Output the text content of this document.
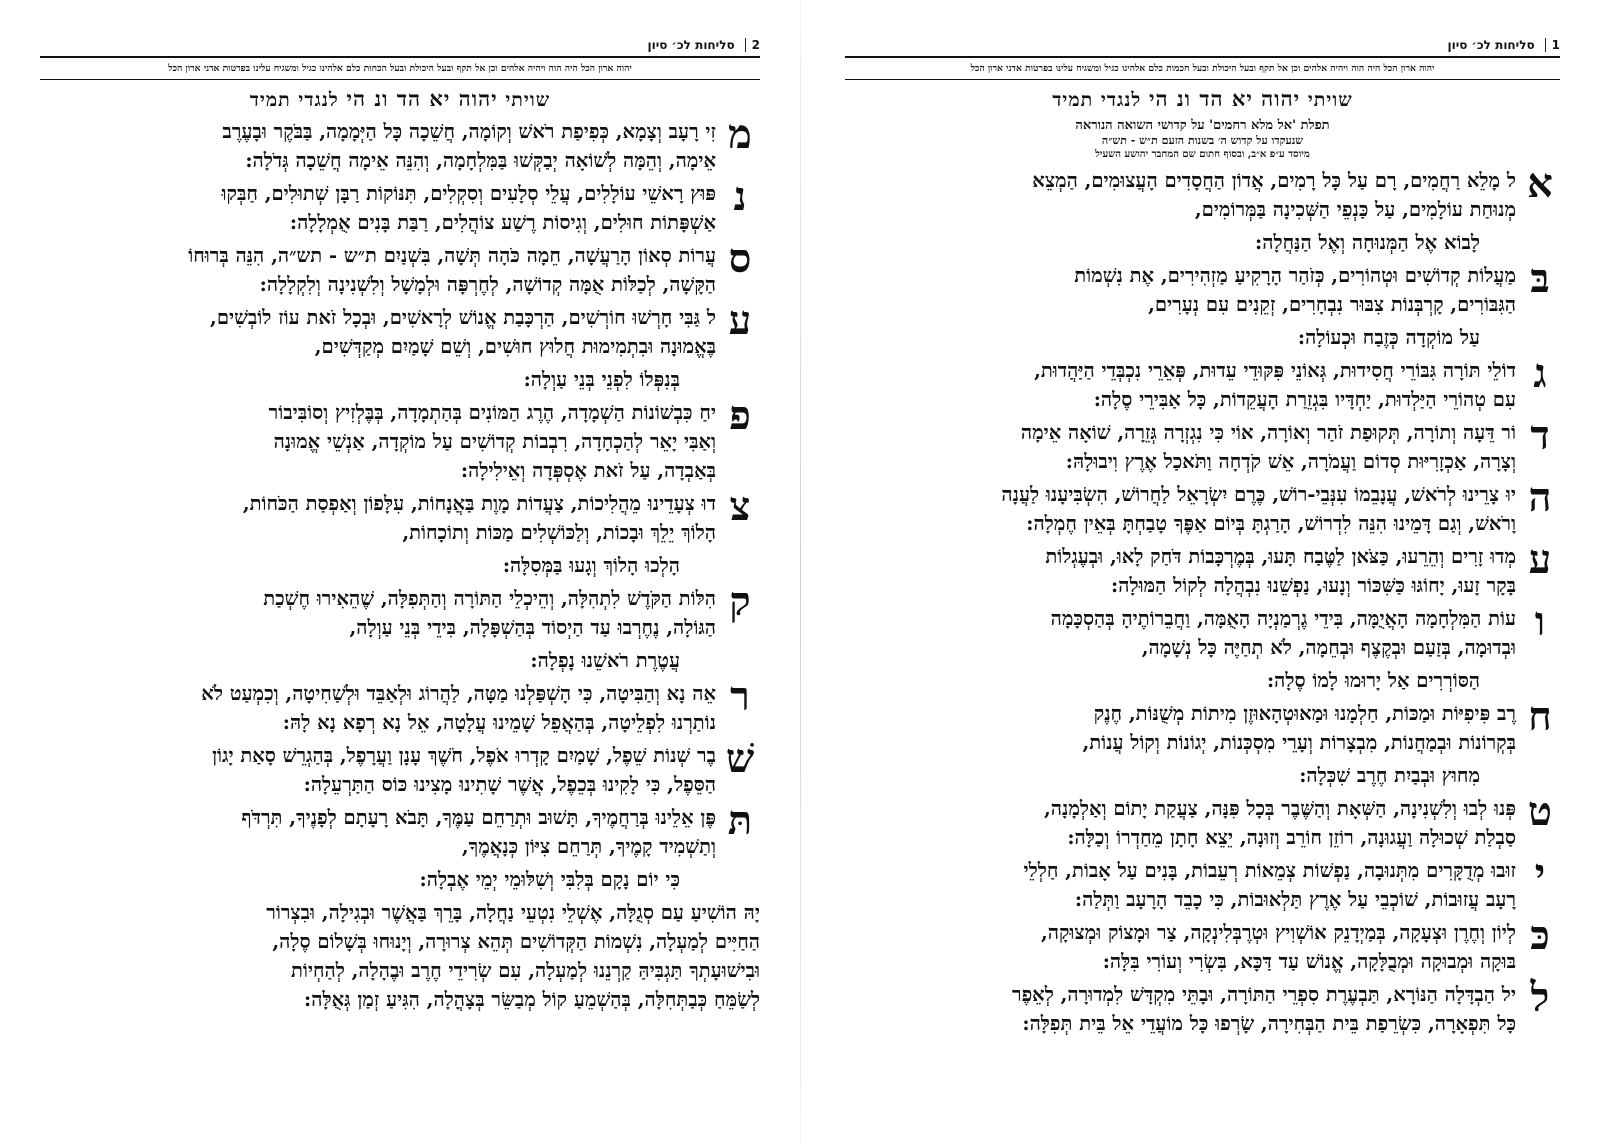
2
סליחות לכ׳ סיון
יהוה ארון הכל היה הוה ויהיה אלהים וכן אל תקף ובעל היכולת ובעל הכחות כלם אלהינו כגיל ומשגיח עלינו בפרטות אדני ארון הכל
שויתי יהוה יא הד ונ הי לנגדי תמיד
מ
זִי רָעָב וְצָמָא, כְּפִיפַת רֹאשׁ וְקוֹמָה, חֲשֵׁכָה כָּל הַיְּמָמָה, בַּבֹּקֶר וּבָעֶרֶב
אֵימָה, וְהֵמָּה לְשׁוֹאָה יְבַקְּשׁוּ בַּמִּלְחָמָה, וְהִנֵּה אֵימָה חֲשֵׁכָה גְּדֹלָה:
נ
פּוּץ רָאשֵׁי עוֹלָלִים, עֲלֵי סְלָעִים וְסִקְלִים, תִּנּוֹקוֹת רַבָּן שְׁתוּלִים, חַבְּקוּ
אַשְׁפָּתוֹת חוּלִים, וְגִיסוֹת רֶשַׁע צוֹהֲלִים, רַבַּת בָּנִים אֻמְלָלָה:
ס
עֲרוֹת סְאוֹן הָרַעֲשָׁה, חֵמָה כֹּהָה תְּשָׁה, בִּשְׁנַיִם ת״ש - תש״ה, הִנֵּה בְּרוּחוֹ
הַקָּשָׁה, לְכַלּוֹת אֻמָּה קְדוֹשָׁה, לְחֶרְפָּה וּלְמָשָׁל וְלִשְׁנִינָה וְלִקְלָלָה:
ע
ל גַּבִּי חָרְשׁוּ חוֹרְשִׁים, הַרְכָּבַת אֱנוֹשׁ לְרָאשִׁים, וּבְכָל זֹאת עוֹז לוֹבְשִׁים,
בֶּאֱמוּנָה וּבִתְמִימוּת חֲלוּץ חוּשִׁים, וְשֵׁם שָׁמַיִם מְקַדְּשִׁים,
בְּנִפְּלוֹ לִפְנֵי בְּנֵי עַוְלָה:
פ
יחַ כִּבְשׁוֹנוֹת הַשְׁמָדָה, הֶרֶג הַמּוֹנִים בְּהַתְמָדָה, בְּבֶּלְזִיץ וְסוֹבִּיבוֹר
וְאַבִּי יָאֵר לְהַכְחָדָה, רִבְבוֹת קְדוֹשִׁים עַל מוֹקְדָה, אַנְשֵׁי אֱמוּנָה
בְּאַבְדָה, עַל זֹאת אֶסְפְּדָה וְאֵילִילָה:
צ
דוּ צְעָדֵינוּ מֵהֲלִיכוֹת, צַעֲדוֹת מָוֶת בַּאֲנָחוֹת, עִלָּפוֹן וְאַפְסַת הַכֹּחוֹת,
הָלוֹךְ יֵלֵךְ וּבָכוֹת, וְלַכּוֹשְׁלִים מַכּוֹת וְתוֹכָחוֹת,
הָלְכוּ הָלוֹךְ וְגָעוּ בַּמְּסִלָּה:
ק
הִלּוֹת הַקֹּדֶשׁ לִתְהִלָּה, וְהֵיכְלֵי הַתּוֹרָה וְהַתְּפִלָּה, שֶׁהֵאִירוּ חֶשְׁכַת
הַגּוֹלָה, נֶחֶרְבוּ עַד הַיְסוֹד בְּהַשְׁפָּלָה, בִּידֵי בְּנֵי עַוְלָה,
עֲטֶרֶת רֹאשֵׁנוּ נָפְלָה:
ר
אֵה נָא וְהַבִּיטָה, כִּי הָשְׁפַּלְנוּ מַטָּה, לַהֲרוֹג וּלְאַבֵּד וּלְשַׁחִיטָה, וְכִמְעַט לֹא
נוֹתַרְנוּ לִפְלֵיטָה, בְּהַאֲפֵל שָׁמֵינוּ עֲלָטָה, אֵל נָא רְפָא נָא לָהּ:
שׁ
בֶר שְׁנוֹת שֵׁפֶל, שָׁמַיִם קָדְרוּ אֹפֶל, חֹשֶׁךְ עָנָן וַעֲרָפֶל, בְּהַגְרֵשׁ סָאַת יָגוֹן
הַסֵּפֶל, כִּי לָקִינוּ בְּכֵפֶל, אֲשֶׁר שָׁתִינוּ מָצִינוּ כּוֹס הַתַּרְעֵלָה:
תּ
פֶּן אֵלֵינוּ בְּרַחֲמֶיךָ, תָּשׁוּב וּתְרַחֵם עַמֶּךָ, תָּבֹא רָעָתָם לְפָנֶיךָ, תִּרְדֹּף
וְתַשְׁמִיד קָמֶיךָ, תְּרַחֵם צִיּוֹן כְּנָאֲמֶךָ,
כִּי יוֹם נָקָם בְּלִבִּי וְשִׁלּוּמֵי יְמֵי אֶבְלָה:
יָהּ הוֹשִׁיעַ עַם סְגֻלָּה, אֶשְׁלֵי נִטְעֵי נַחֲלָה, בָּרֵךְ בַּאֲשֶׁר וּבְגִילָה, וּבִצְרוֹר
הַחַיִּים לְמַעְלָה, נִשְׁמוֹת הַקְּדוֹשִׁים תְּהֵא צְרוּרָה, וְיָנוּחוּ בְּשָׁלוֹם סֶלָה,
וּבִישׁוּעָתְךָ תַּגְבִּיהַּ קַרְנֵנוּ לְמַעְלָה, עִם שְׂרִידֵי חֶרֶב וּבֶהָלָה, לְהַחְיוֹת
לְשַׂמֵּחַ כְּבַתְּחִלָּה, בְּהַשְׁמֵעַ קוֹל מְבַשֵּׂר בְּצָהֳלָה, הִגִּיעַ זְמַן גְּאֻלָּה:
1
סליחות לכ׳ סיון
יהוה ארון הכל היה הוה ויהיה אלהים וכן אל תקף ובעל היכולת ובעל חכמות כלם אלהינו כגיל ומשגיח עלינו בפרטות אדני ארון הכל
שויתי יהוה יא הד ונ הי לנגדי תמיד
תפלת 'אל מלא רחמים' על קדושי השואה הנוראה
שנעקדו על קדוש ה׳ בשנות הזעם ת״ש - תש״ה
מיוסד ע״פ א״ב, ובסוף חתום שם המחבר יהושע השעיל
א
ל מָלֵא רַחֲמִים, רָם עַל כָּל רָמִים, אֲדוֹן הַחֲסָדִים הָעֲצוּמִים, הַמְצֵא
מְנוּחַת עוֹלָמִים, עַל כַּנְפֵי הַשְּׁכִינָה בַּמְּרוֹמִים,
לָבוֹא אֶל הַמְּנוּחָה וְאֶל הַנַּחֲלָה:
בּ
מַעֲלוֹת קְדוֹשִׁים וּטְהוֹרִים, כְּזֹהַר הָרָקִיעַ מַזְהִירִים, אֶת נִשְׁמוֹת
הַגִּבּוֹרִים, קָרְבְּנוֹת צִבּוּר נִבְחָרִים, זְקֵנִים עִם נְעָרִים,
עַל מוֹקְדָה כְּזֶבַח וּכְעוֹלָה:
ג
דוֹלֵי תּוֹרָה גִּבּוֹרֵי חֲסִידוּת, גְּאוֹנֵי פִּקּוּדֵי עֵדוּת, פְּאֵרֵי נִכְבְּדֵי הַיַּהֲדוּת,
עִם טְהוֹרֵי הַיַּלְדוּת, יַחְדָּיו בִּגְזֵרַת הָעֲקֵדוֹת, כָּל אַבִּירֵי סֶלָה:
ד
וֹר דֵּעָה וְתוֹרָה, תְּקוּפַת זֹהַר וְאוֹרָה, אוֹי כִּי נִגְזְרָה גְּזֵרָה, שׁוֹאָה אֵימָה
וְצָרָה, אַכְזָרִיּוּת סְדוֹם וַעֲמֹרָה, אֵשׁ קֹדְחָה וַתֹּאכַל אֶרֶץ וִיבוּלָהּ:
ה
יוּ צָרֵינוּ לְרֹאשׁ, עֲנָבֵמוֹ עִנְּבֵי-רוֹשׁ, כֶּרֶם יִשְׂרָאֵל לַחֲרוֹשׁ, הִשְׂבִּיעָנוּ לַעֲנָה
וָרֹאשׁ, וְגַם דָּמֵינוּ הִנֵּה לִדְרוֹשׁ, הָרַגְתָּ בְּיוֹם אַפֶּךָ טָבַחְתָּ בְּאֵין חֶמְלָה:
ע
מְדוּ זָרִים וְהֵרֵעוּ, כַּצֹּאן לַטֶּבַח תָּעוּ, בְּמֶרְכָּבוֹת דֹּחַק לָאוּ, וּבְעֶגְלוֹת
בָּקָר זָעוּ, יָחוֹגּוּ כַּשִּׁכּוֹר וְנָעוּ, נַפְשֵׁנוּ נִבְהֲלָה לְקוֹל הַמּוּלָה:
ו
עוֹת הַמִּלְחָמָה הָאֲיֻמָּה, בִּידֵי גֶרְמַנְיָה הָאֻמָּה, וַחֲבֵרוֹתֶיהָ בְּהַסְכָּמָה
וּבְדוּמָה, בְּזַעַם וּבְקֶצֶף וּבְחֵמָה, לֹא תְחַיֶּה כָּל נְשָׁמָה,
הַסּוֹרְרִים אַל יָרוּמוּ לָמוֹ סֶלָה:
ח
רֶב פִּיפִיּוֹת וּמַכּוֹת, חַלְמָנוּ וּמַאוּטְהָאוּזֶן מִיתוֹת מְשֻׁנּוֹת, חֶנֶק
בְּקְרוֹנוֹת וּבְמַחֲנוֹת, מִבְצָרוֹת וְעָרֵי מִסְכְּנוֹת, יְגוֹנוֹת וְקוֹל עֲנוֹת,
מִחוּץ וּבְבַיִת חֶרֶב שִׁכְּלָה:
ט
פְּנוּ לְבוּ וְלִשְׁנִינָה, הַשְּׁאָת וְהַשֶּׁבֶר בְּכָל פִּנָּה, צַעֲקַת יָתוֹם וְאַלְמָנָה,
סַבְלַת שְׁכוּלָה וַעֲגוּנָה, רוֹזֵן חוֹרֵב וְזוּנָה, יֵצֵא חָתָן מֵחַדְרוֹ וְכַלָּה:
י
זוּבוּ מְדֻקָּרִים מִתְּנוּבָה, נַפְשׁוֹת צְמֵאוֹת רְעֵבוֹת, בָּנִים עַל אָבוֹת, חַלְלֵי
רָעָב עֲזוּבוֹת, שׁוֹכְבֵי עַל אֶרֶץ תַּלְאוּבוֹת, כִּי כָבֵד הָרָעָב וַתְּלַה:
כּ
לְיוֹן וְחֶרֶן וּצְעָקָה, בְּמַיְדָנֵק אוֹשְׁוִיץ וּטְרֶבְּלִינְקָה, צַר וּמָצוֹק וּמְצוּקָה,
בּוּקָה וּמְבוּקָה וּמְבֻלָּקָה, אֱנוֹשׁ עַד דַּכָּא, בִּשְׂרִי וְעוֹרִי בִּלָּה:
ל
יל הַבְדָּלָה הַנּוֹרָא, תַּבְעֶרֶת סִפְרֵי הַתּוֹרָה, וּבָתֵּי מִקְדָּשׁ לִמְדוּרָה, לְאֵפֶר
כָּל תִּפְאָרָה, כִּשְׂרֵפַת בֵּית הַבְּחִירָה, שָׂרְפוּ כָּל מוֹעֲדֵי אֵל בֵּית תְּפִלָּה:
